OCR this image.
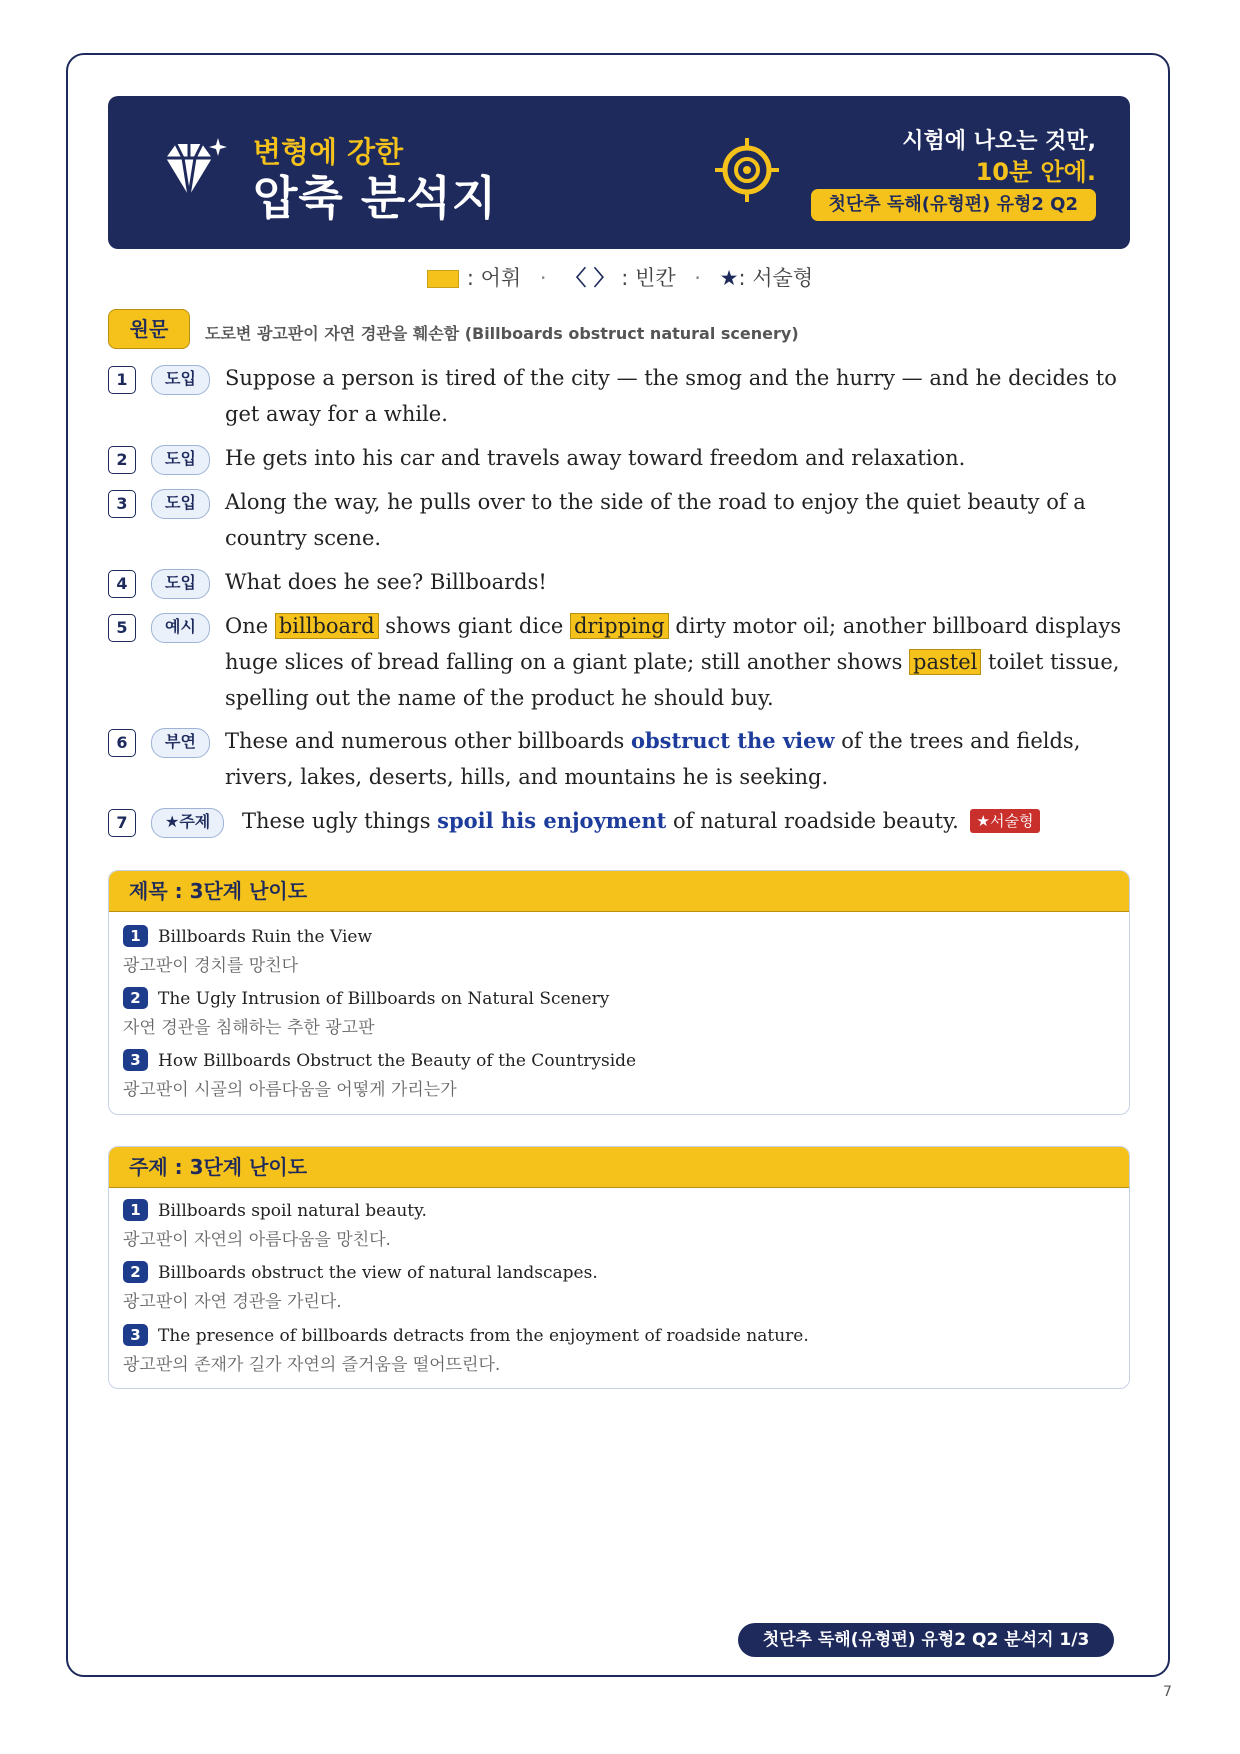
변형에 강한
압축 분석지
시험에 나오는 것만,
10분 안에.
첫단추 독해(유형편) 유형2 Q2
: 어휘 · 〈 〉 : 빈칸 · ★: 서술형
원문	도로변 광고판이 자연 경관을 훼손함 (Billboards obstruct natural scenery)
1	도입	Suppose a person is tired of the city — the smog and the hurry — and he decides to get away for a while.
2	도입	He gets into his car and travels away toward freedom and relaxation.
3	도입	Along the way, he pulls over to the side of the road to enjoy the quiet beauty of a country scene.
4	도입	What does he see? Billboards!
5	예시	One billboard shows giant dice dripping dirty motor oil; another billboard displays huge slices of bread falling on a giant plate; still another shows pastel toilet tissue, spelling out the name of the product he should buy.
6	부연	These and numerous other billboards obstruct the view of the trees and fields, rivers, lakes, deserts, hills, and mountains he is seeking.
7	★주제	These ugly things spoil his enjoyment of natural roadside beauty. ★서술형
제목 : 3단계 난이도
1 Billboards Ruin the View
광고판이 경치를 망친다
2 The Ugly Intrusion of Billboards on Natural Scenery
자연 경관을 침해하는 추한 광고판
3 How Billboards Obstruct the Beauty of the Countryside
광고판이 시골의 아름다움을 어떻게 가리는가
주제 : 3단계 난이도
1 Billboards spoil natural beauty.
광고판이 자연의 아름다움을 망친다.
2 Billboards obstruct the view of natural landscapes.
광고판이 자연 경관을 가린다.
3 The presence of billboards detracts from the enjoyment of roadside nature.
광고판의 존재가 길가 자연의 즐거움을 떨어뜨린다.
첫단추 독해(유형편) 유형2 Q2 분석지 1/3
7
